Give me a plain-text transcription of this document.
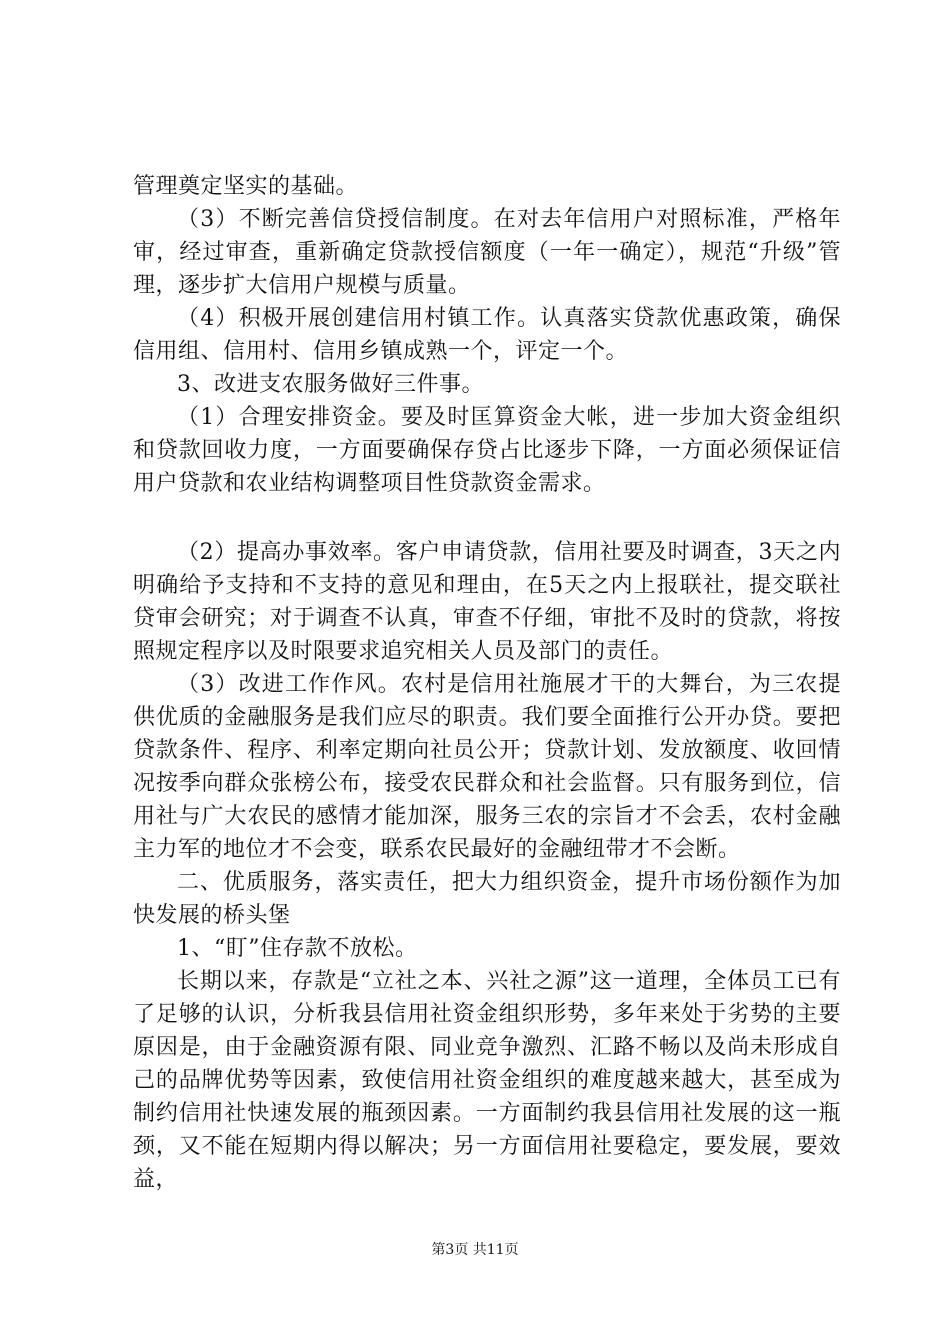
管理奠定坚实的基础。

（3）不断完善信贷授信制度。在对去年信用户对照标准，严格年审，经过审查，重新确定贷款授信额度（一年一确定），规范“升级”管理，逐步扩大信用户规模与质量。

（4）积极开展创建信用村镇工作。认真落实贷款优惠政策，确保信用组、信用村、信用乡镇成熟一个，评定一个。

3、改进支农服务做好三件事。

（1）合理安排资金。要及时匡算资金大帐，进一步加大资金组织和贷款回收力度，一方面要确保存贷占比逐步下降，一方面必须保证信用户贷款和农业结构调整项目性贷款资金需求。

（2）提高办事效率。客户申请贷款，信用社要及时调查，3天之内明确给予支持和不支持的意见和理由，在5天之内上报联社，提交联社贷审会研究；对于调查不认真，审查不仔细，审批不及时的贷款，将按照规定程序以及时限要求追究相关人员及部门的责任。

（3）改进工作作风。农村是信用社施展才干的大舞台，为三农提供优质的金融服务是我们应尽的职责。我们要全面推行公开办贷。要把贷款条件、程序、利率定期向社员公开；贷款计划、发放额度、收回情况按季向群众张榜公布，接受农民群众和社会监督。只有服务到位，信用社与广大农民的感情才能加深，服务三农的宗旨才不会丢，农村金融主力军的地位才不会变，联系农民最好的金融纽带才不会断。

二、优质服务，落实责任，把大力组织资金，提升市场份额作为加快发展的桥头堡

1、“盯”住存款不放松。

长期以来，存款是“立社之本、兴社之源”这一道理，全体员工已有了足够的认识，分析我县信用社资金组织形势，多年来处于劣势的主要原因是，由于金融资源有限、同业竞争激烈、汇路不畅以及尚未形成自己的品牌优势等因素，致使信用社资金组织的难度越来越大，甚至成为制约信用社快速发展的瓶颈因素。一方面制约我县信用社发展的这一瓶颈，又不能在短期内得以解决；另一方面信用社要稳定，要发展，要效益，

第3页 共11页
